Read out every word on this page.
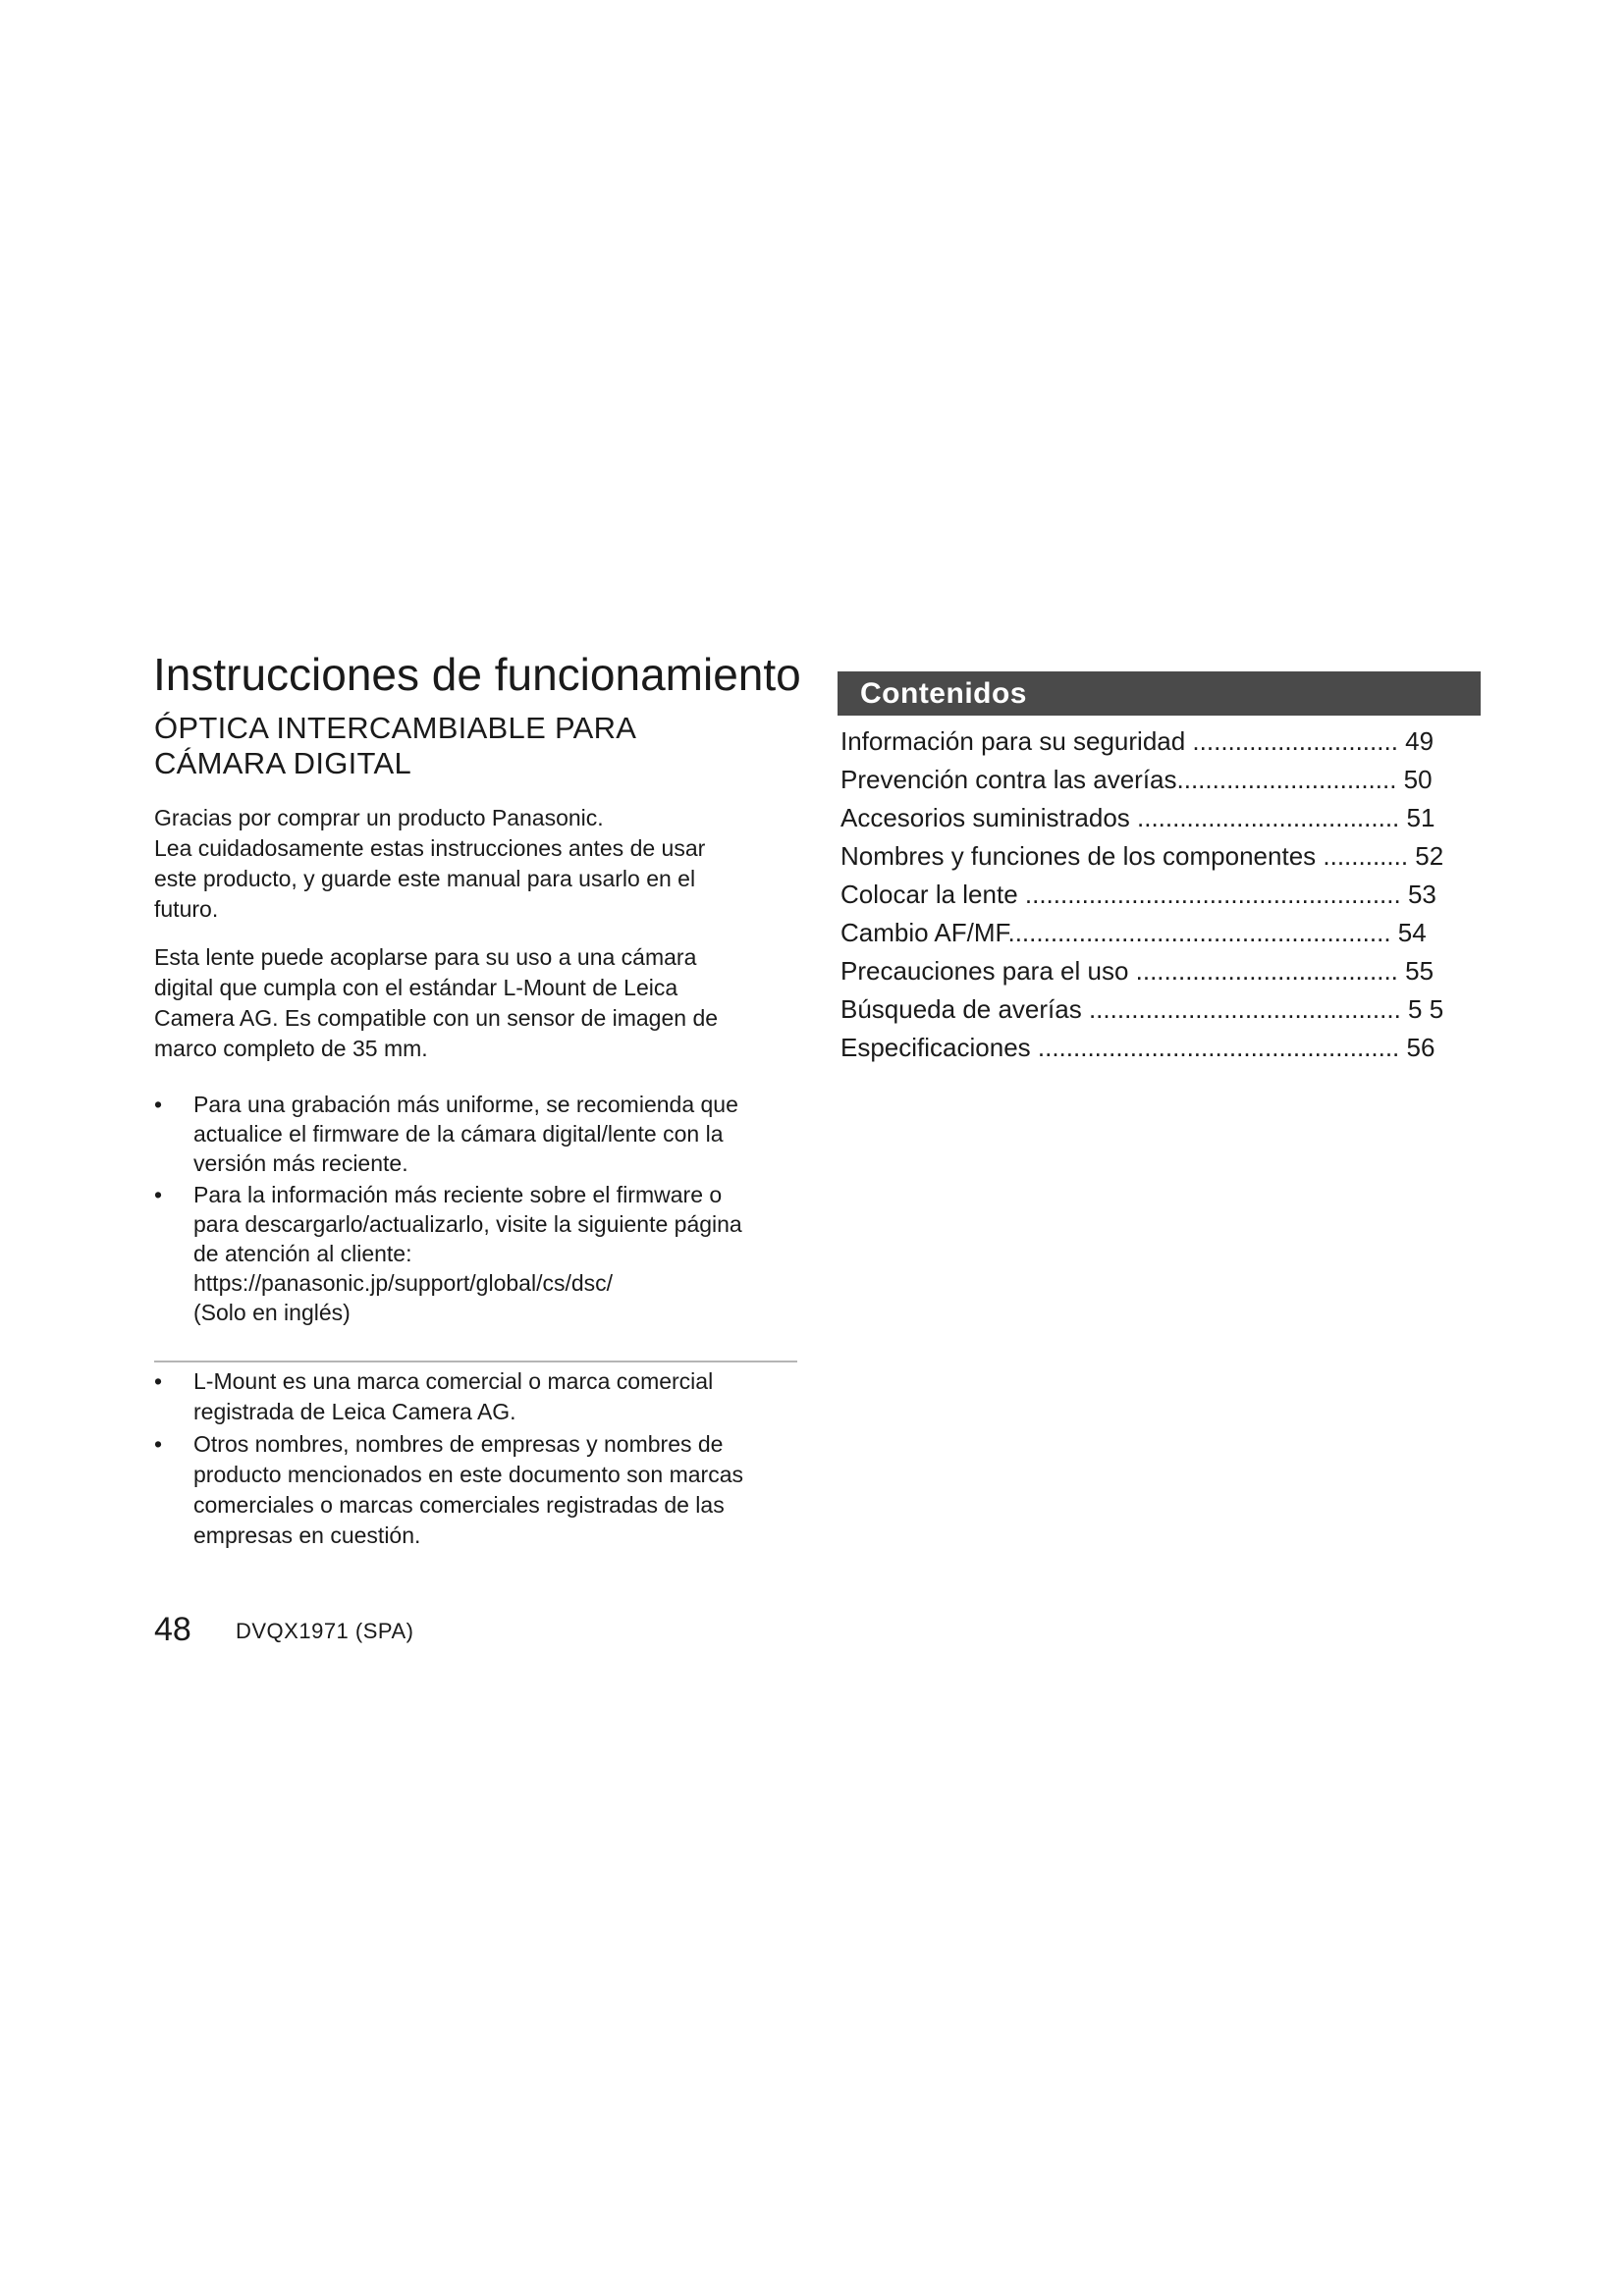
Instrucciones de funcionamiento
ÓPTICA INTERCAMBIABLE PARA
CÁMARA DIGITAL

Gracias por comprar un producto Panasonic.
Lea cuidadosamente estas instrucciones antes de usar
este producto, y guarde este manual para usarlo en el
futuro.

Esta lente puede acoplarse para su uso a una cámara
digital que cumpla con el estándar L-Mount de Leica
Camera AG. Es compatible con un sensor de imagen de
marco completo de 35 mm.

•	Para una grabación más uniforme, se recomienda que
actualice el firmware de la cámara digital/lente con la
versión más reciente.
•	Para la información más reciente sobre el firmware o
para descargarlo/actualizarlo, visite la siguiente página
de atención al cliente:
https://panasonic.jp/support/global/cs/dsc/
(Solo en inglés)
•	L-Mount es una marca comercial o marca comercial
registrada de Leica Camera AG.
•	Otros nombres, nombres de empresas y nombres de
producto mencionados en este documento son marcas
comerciales o marcas comerciales registradas de las
empresas en cuestión.
Contenidos
Información para su seguridad ............................. 49
Prevención contra las averías............................... 50
Accesorios suministrados ..................................... 51
Nombres y funciones de los componentes ............ 52
Colocar la lente ..................................................... 53
Cambio AF/MF...................................................... 54
Precauciones para el uso ..................................... 55
Búsqueda de averías ............................................ 5 5
Especificaciones ................................................... 56
48 DVQX1971 (SPA)
